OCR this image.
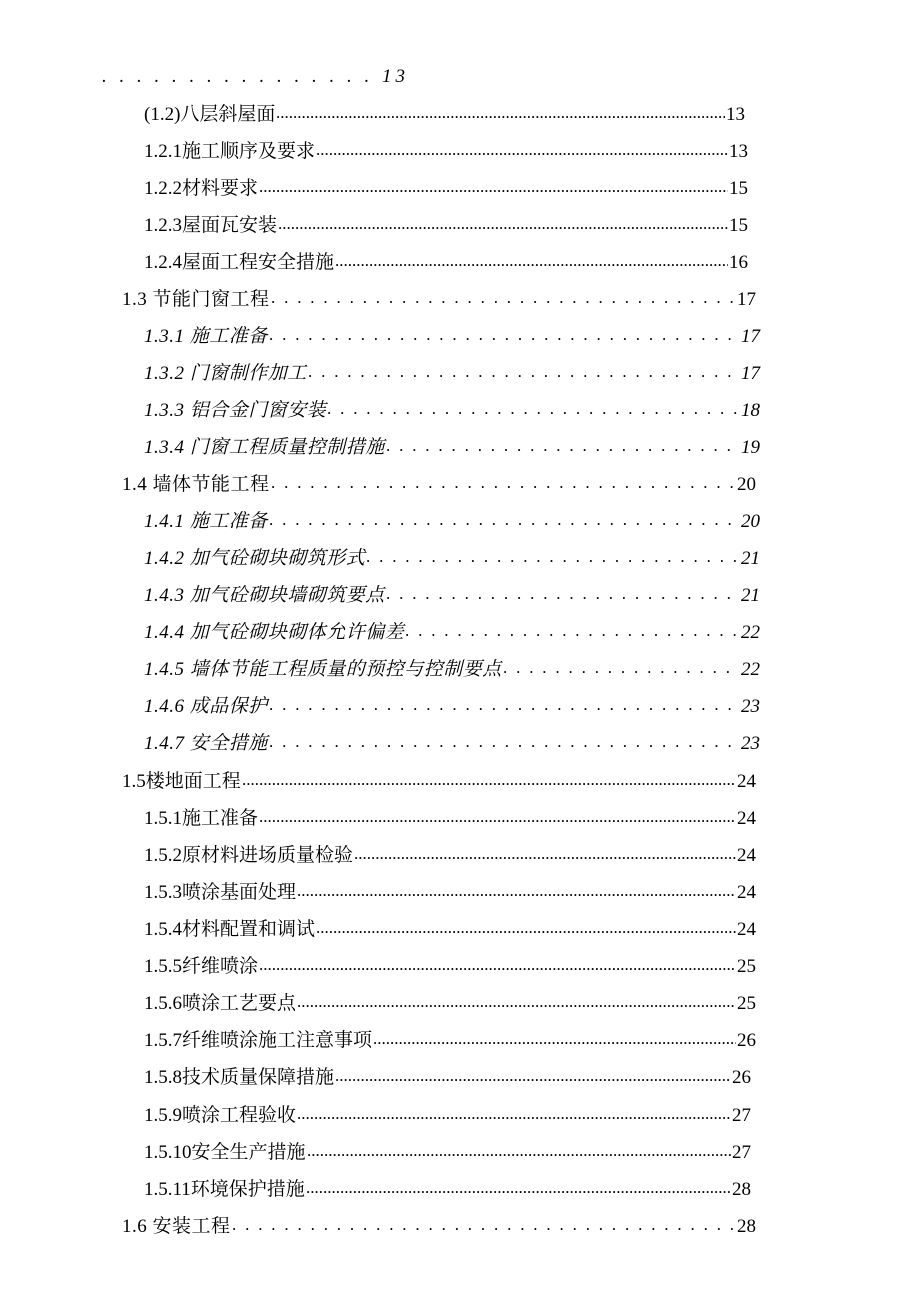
. . . . . . . . . . . . . . . . 13
.....
(1.2)八层斜屋面	13
.....
1.2.1施工顺序及要求	13
.....
1.2.2材料要求	15
.....
1.2.3屋面瓦安装	15
.....
1.2.4屋面工程安全措施	16
. . .
1.3 节能门窗工程	17
. . .
1.3.1 施工准备	17
. . .
1.3.2 门窗制作加工	17
. . .
1.3.3 铝合金门窗安装	18
. . .
1.3.4 门窗工程质量控制措施	19
. . .
1.4 墙体节能工程	20
. . .
1.4.1 施工准备	20
. . .
1.4.2 加气砼砌块砌筑形式	21
. . .
1.4.3 加气砼砌块墙砌筑要点	21
. . .
1.4.4 加气砼砌块砌体允许偏差	22
. . .
1.4.5 墙体节能工程质量的预控与控制要点	22
. . .
1.4.6 成品保护	23
. . .
1.4.7 安全措施	23
.....
1.5楼地面工程	24
.....
1.5.1施工准备	24
.....
1.5.2原材料进场质量检验	24
.....
1.5.3喷涂基面处理	24
.....
1.5.4材料配置和调试	24
.....
1.5.5纤维喷涂	25
.....
1.5.6喷涂工艺要点	25
.....
1.5.7纤维喷涂施工注意事项	26
.....
1.5.8技术质量保障措施	26
.....
1.5.9喷涂工程验收	27
.....
1.5.10安全生产措施	27
.....
1.5.11环境保护措施	28
. . .
1.6 安装工程	28
